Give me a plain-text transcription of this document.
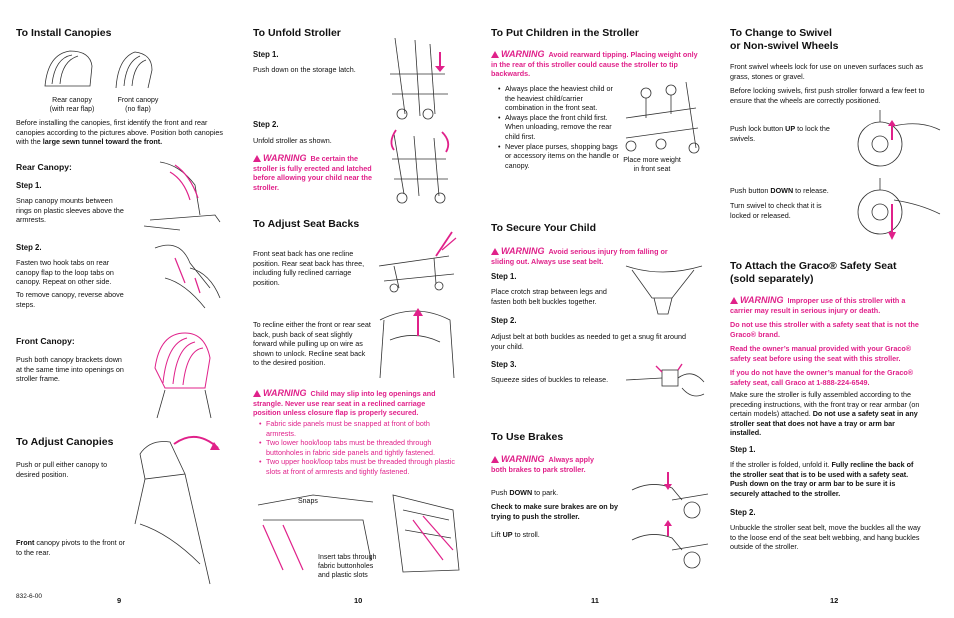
To Install Canopies
Rear canopy
(with rear flap)
Front canopy
(no flap)
Before installing the canopies, first identify the front and rear canopies according to the pictures above. Position both canopies with the large sewn tunnel toward the front.
Rear Canopy:
Step 1.
Snap canopy mounts between rings on plastic sleeves above the armrests.
Step 2.
Fasten two hook tabs on rear canopy flap to the loop tabs on canopy. Repeat on other side.
To remove canopy, reverse above steps.
Front Canopy:
Push both canopy brackets down at the same time into openings on stroller frame.
To Adjust Canopies
Push or pull either canopy to desired position.
Front canopy pivots to the front or to the rear.
832-6-00	9
To Unfold Stroller
Step 1.
Push down on the storage latch.
Step 2.
Unfold stroller as shown.
WARNING Be certain the stroller is fully erected and latched before allowing your child near the stroller.
To Adjust Seat Backs
Front seat back has one recline position. Rear seat back has three, including fully reclined carriage position.
To recline either the front or rear seat back, push back of seat slightly forward while pulling up on wire as shown to unlock. Recline seat back to the desired position.
WARNING Child may slip into leg openings and strangle. Never use rear seat in a reclined carriage position unless closure flap is properly secured.
• Fabric side panels must be snapped at front of both armrests.
• Two lower hook/loop tabs must be threaded through buttonholes in fabric side panels and tightly fastened.
• Two upper hook/loop tabs must be threaded through plastic slots at front of armrests and tightly fastened.
Snaps
Insert tabs through
fabric buttonholes
and plastic slots
10
To Put Children in the Stroller
WARNING Avoid rearward tipping. Placing weight only in the rear of this stroller could cause the stroller to tip backwards.
• Always place the heaviest child or the heaviest child/carrier combination in the front seat.
• Always place the front child first. When unloading, remove the rear child first.
• Never place purses, shopping bags or accessory items on the handle or canopy.
Place more weight
in front seat
To Secure Your Child
WARNING Avoid serious injury from falling or sliding out. Always use seat belt.
Step 1.
Place crotch strap between legs and fasten both belt buckles together.
Step 2.
Adjust belt at both buckles as needed to get a snug fit around your child.
Step 3.
Squeeze sides of buckles to release.
To Use Brakes
WARNING Always apply both brakes to park stroller.
Push DOWN to park.
Check to make sure brakes are on by trying to push the stroller.
Lift UP to stroll.
11
To Change to Swivel
or Non-swivel Wheels
Front swivel wheels lock for use on uneven surfaces such as grass, stones or gravel.
Before locking swivels, first push stroller forward a few feet to ensure that the wheels are correctly positioned.
Push lock button UP to lock the swivels.
Push button DOWN to release.
Turn swivel to check that it is locked or released.
To Attach the Graco® Safety Seat
(sold separately)
WARNING Improper use of this stroller with a carrier may result in serious injury or death.
Do not use this stroller with a safety seat that is not the Graco® brand.
Read the owner’s manual provided with your Graco® safety seat before using the seat with this stroller.
If you do not have the owner’s manual for the Graco® safety seat, call Graco at 1-888-224-6549.
Make sure the stroller is fully assembled according to the preceding instructions, with the front tray or rear armbar (on certain models) attached. Do not use a safety seat in any stroller seat that does not have a tray or arm bar installed.
Step 1.
If the stroller is folded, unfold it. Fully recline the back of the stroller seat that is to be used with a safety seat. Push down on the tray or arm bar to be sure it is securely attached to the stroller.
Step 2.
Unbuckle the stroller seat belt, move the buckles all the way to the loose end of the seat belt webbing, and hang buckles outside of the stroller.
12
